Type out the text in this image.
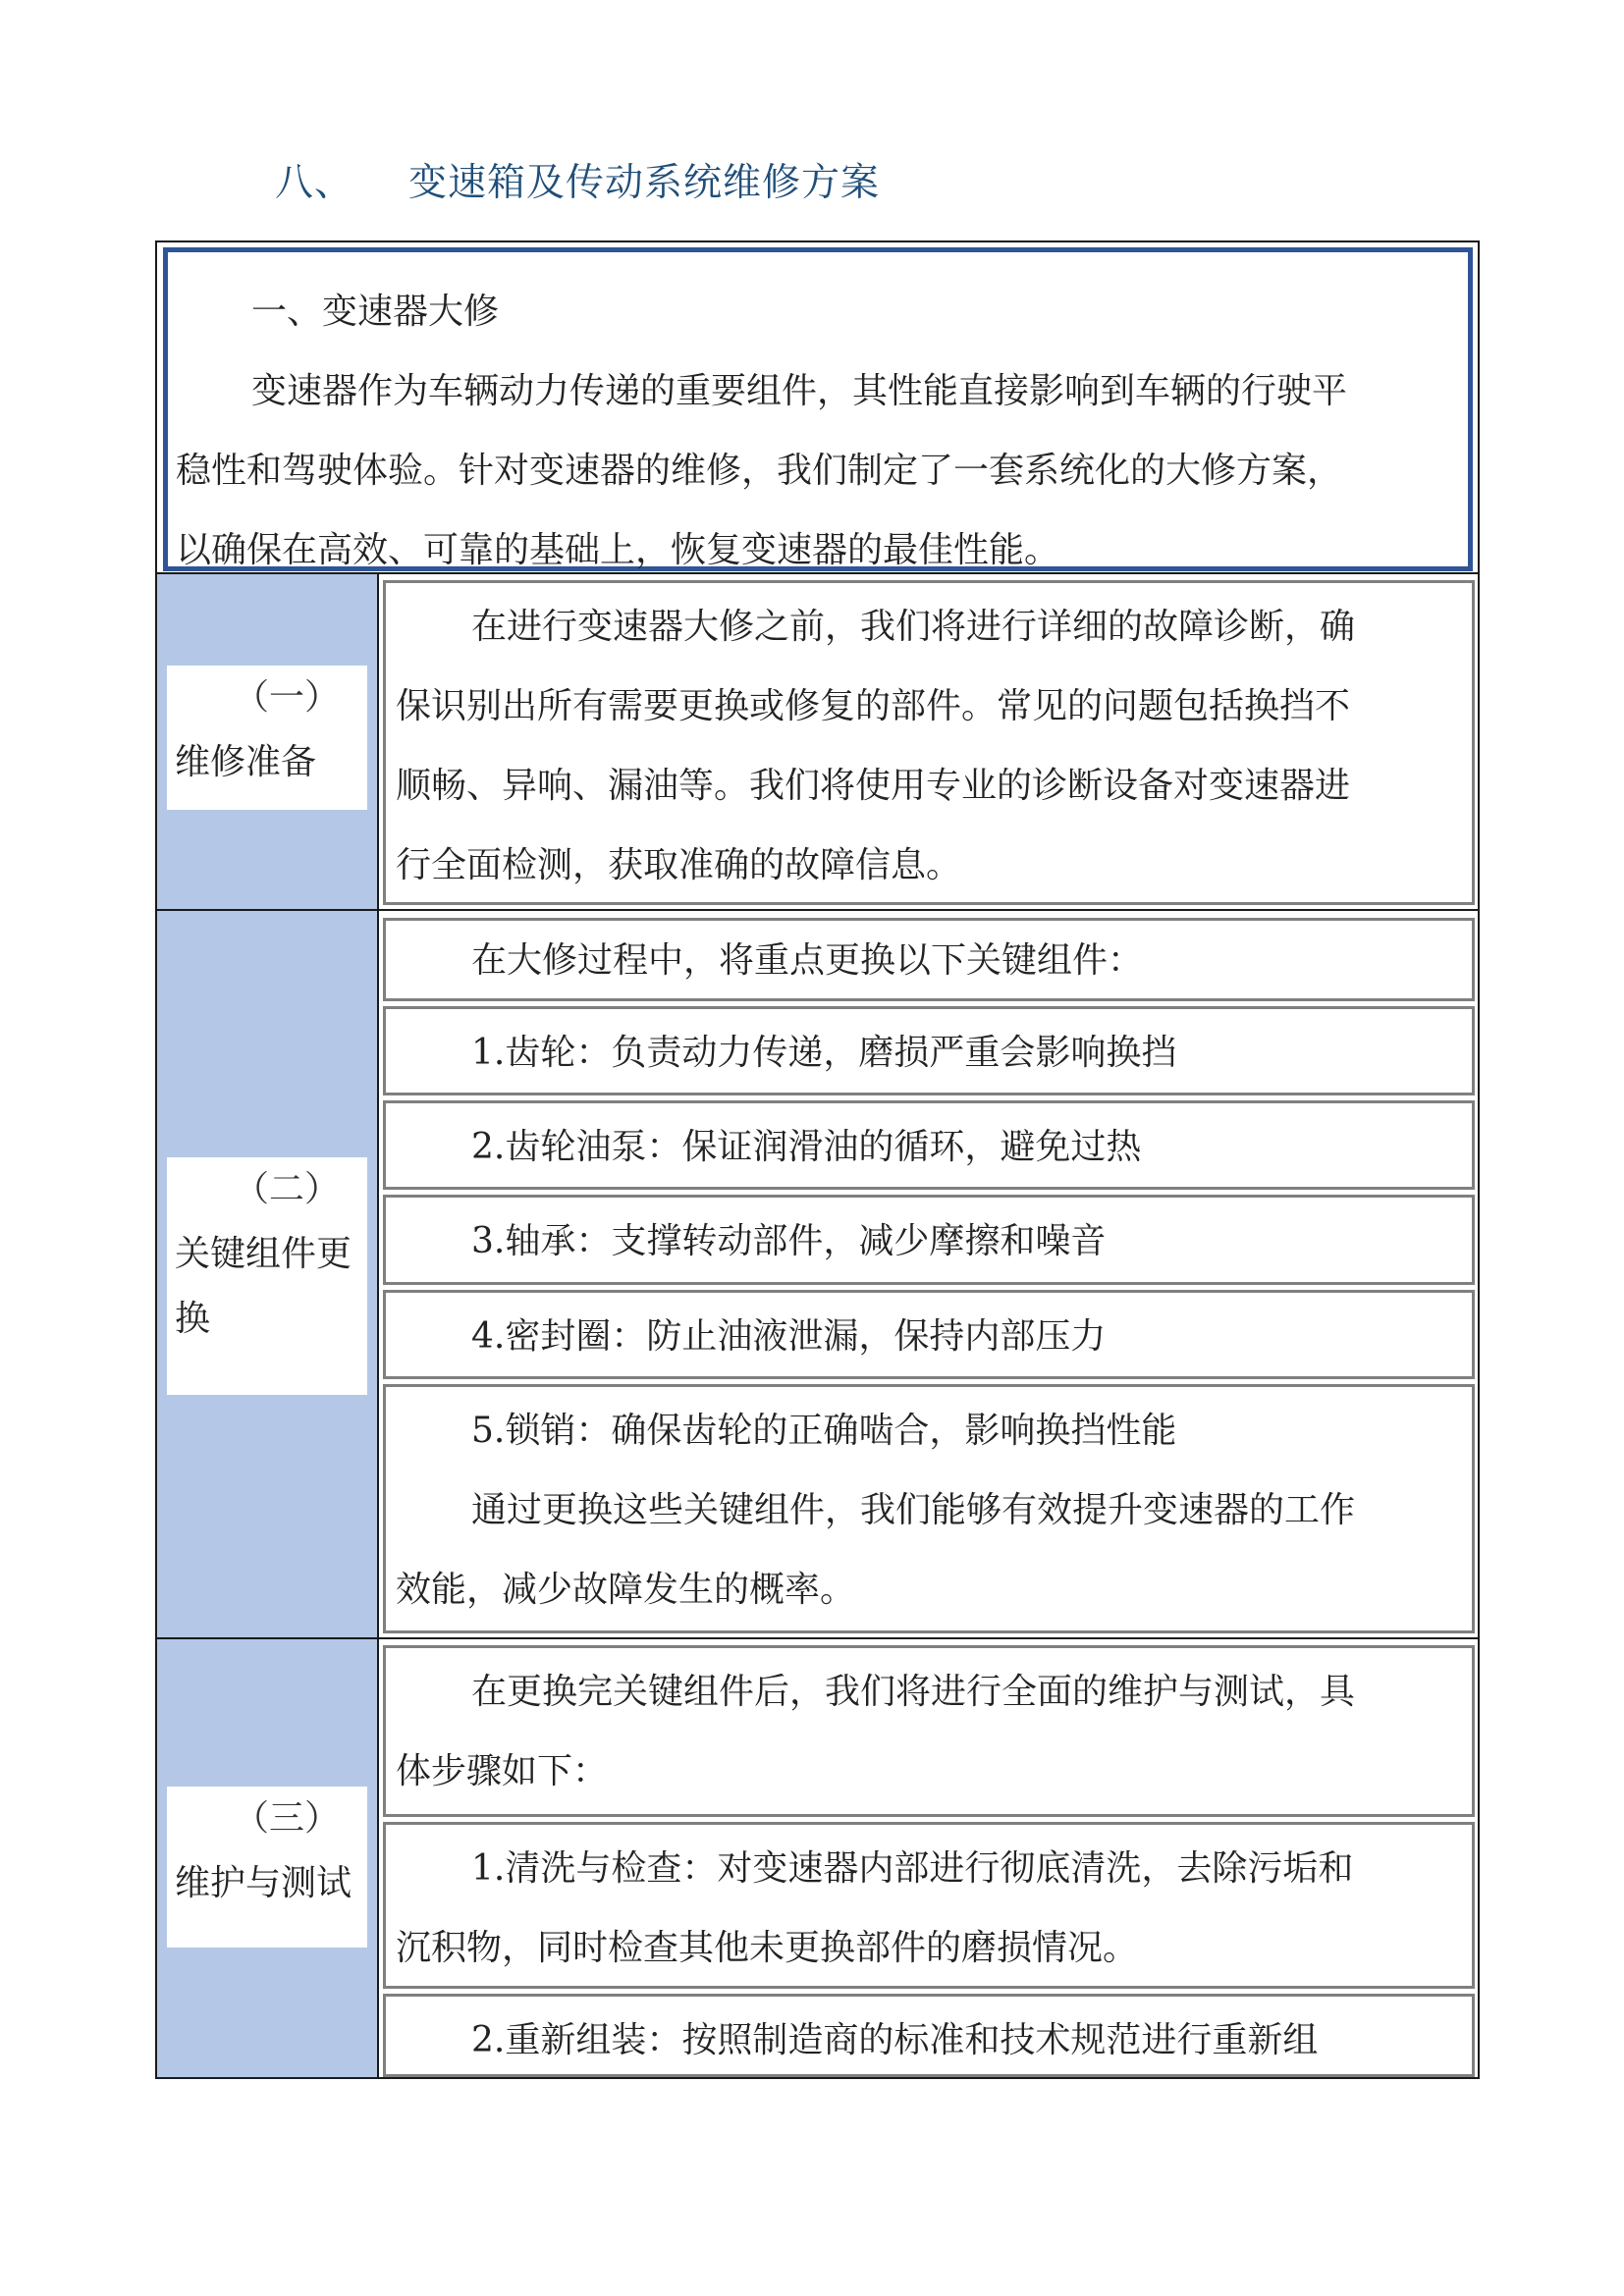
八、 变速箱及传动系统维修方案

一、变速器大修

变速器作为车辆动力传递的重要组件，其性能直接影响到车辆的行驶平

稳性和驾驶体验。针对变速器的维修，我们制定了一套系统化的大修方案，

以确保在高效、可靠的基础上，恢复变速器的最佳性能。

（一）
维修准备

在进行变速器大修之前，我们将进行详细的故障诊断，确

保识别出所有需要更换或修复的部件。常见的问题包括换挡不

顺畅、异响、漏油等。我们将使用专业的诊断设备对变速器进

行全面检测，获取准确的故障信息。

（二）
关键组件更
换

在大修过程中，将重点更换以下关键组件：

1.齿轮：负责动力传递，磨损严重会影响换挡

2.齿轮油泵：保证润滑油的循环，避免过热

3.轴承：支撑转动部件，减少摩擦和噪音

4.密封圈：防止油液泄漏，保持内部压力

5.锁销：确保齿轮的正确啮合，影响换挡性能

通过更换这些关键组件，我们能够有效提升变速器的工作

效能，减少故障发生的概率。

（三）
维护与测试

在更换完关键组件后，我们将进行全面的维护与测试，具

体步骤如下：

1.清洗与检查：对变速器内部进行彻底清洗，去除污垢和

沉积物，同时检查其他未更换部件的磨损情况。

2.重新组装：按照制造商的标准和技术规范进行重新组
